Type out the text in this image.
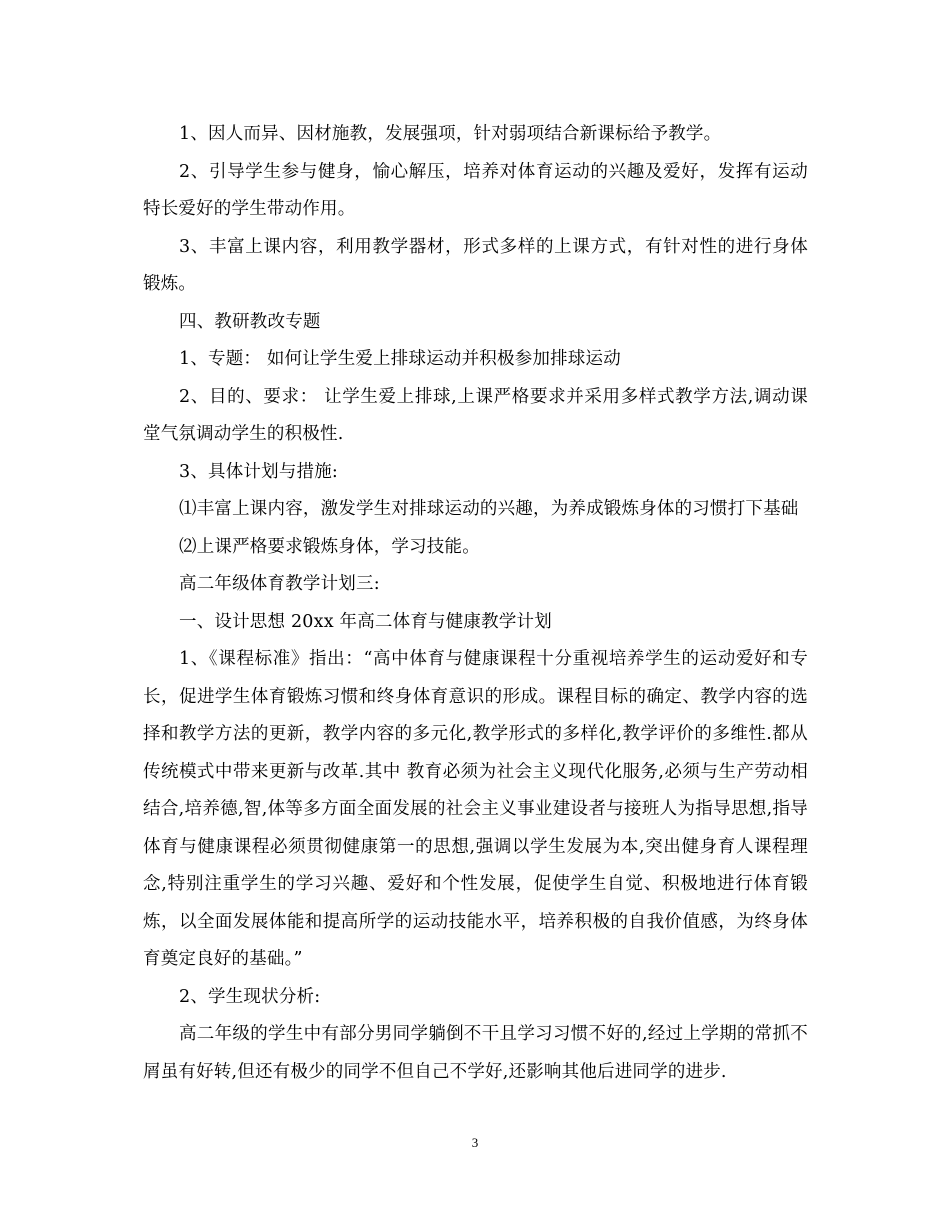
1、因人而异、因材施教，发展强项，针对弱项结合新课标给予教学。

2、引导学生参与健身，愉心解压，培养对体育运动的兴趣及爱好，发挥有运动特长爱好的学生带动作用。

3、丰富上课内容，利用教学器材，形式多样的上课方式，有针对性的进行身体锻炼。

四、教研教改专题

1、专题： 如何让学生爱上排球运动并积极参加排球运动

2、目的、要求： 让学生爱上排球,上课严格要求并采用多样式教学方法,调动课堂气氛调动学生的积极性.

3、具体计划与措施:

⑴丰富上课内容，激发学生对排球运动的兴趣，为养成锻炼身体的习惯打下基础

⑵上课严格要求锻炼身体，学习技能。

高二年级体育教学计划三:

一、设计思想 20xx 年高二体育与健康教学计划

1、《课程标准》指出：“高中体育与健康课程十分重视培养学生的运动爱好和专长，促进学生体育锻炼习惯和终身体育意识的形成。课程目标的确定、教学内容的选择和教学方法的更新，教学内容的多元化,教学形式的多样化,教学评价的多维性.都从传统模式中带来更新与改革.其中 教育必须为社会主义现代化服务,必须与生产劳动相结合,培养德,智,体等多方面全面发展的社会主义事业建设者与接班人为指导思想,指导体育与健康课程必须贯彻健康第一的思想,强调以学生发展为本,突出健身育人课程理念,特别注重学生的学习兴趣、爱好和个性发展，促使学生自觉、积极地进行体育锻炼，以全面发展体能和提高所学的运动技能水平，培养积极的自我价值感，为终身体育奠定良好的基础。”

2、学生现状分析:

高二年级的学生中有部分男同学躺倒不干且学习习惯不好的,经过上学期的常抓不屑虽有好转,但还有极少的同学不但自己不学好,还影响其他后进同学的进步.

3
